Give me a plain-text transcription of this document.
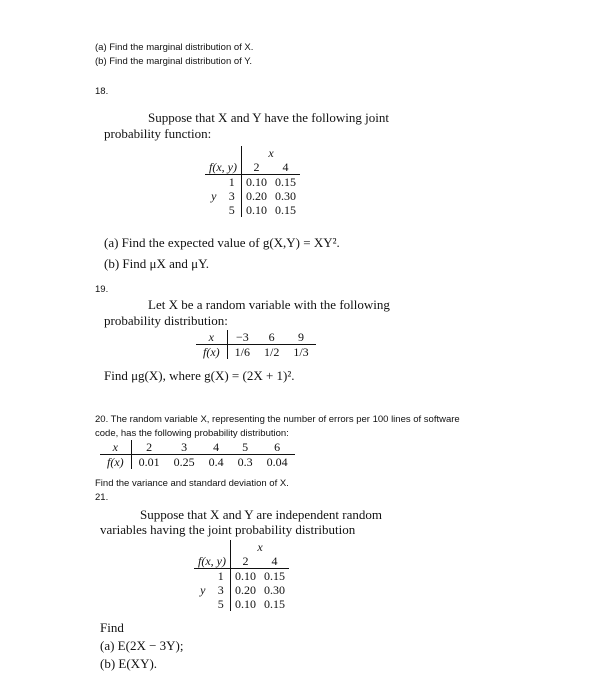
(a) Find the marginal distribution of X.
(b) Find the marginal distribution of Y.
18.
Suppose that X and Y have the following joint
probability function:
		x	
f(x, y)		2	4
	1	0.10	0.15
y	3	0.20	0.30
	5	0.10	0.15
(a) Find the expected value of g(X,Y) = XY².
(b) Find μX and μY.
19.
Let X be a random variable with the following
probability distribution:
x	−3	6	9
f(x)	1/6	1/2	1/3
Find μg(X), where g(X) = (2X + 1)².
20. The random variable X, representing the number of errors per 100 lines of software
code, has the following probability distribution:
x	2	3	4	5	6
f(x)	0.01	0.25	0.4	0.3	0.04
Find the variance and standard deviation of X.
21.
Suppose that X and Y are independent random
variables having the joint probability distribution
		x	
f(x, y)		2	4
	1	0.10	0.15
y	3	0.20	0.30
	5	0.10	0.15
Find
(a) E(2X − 3Y);
(b) E(XY).
